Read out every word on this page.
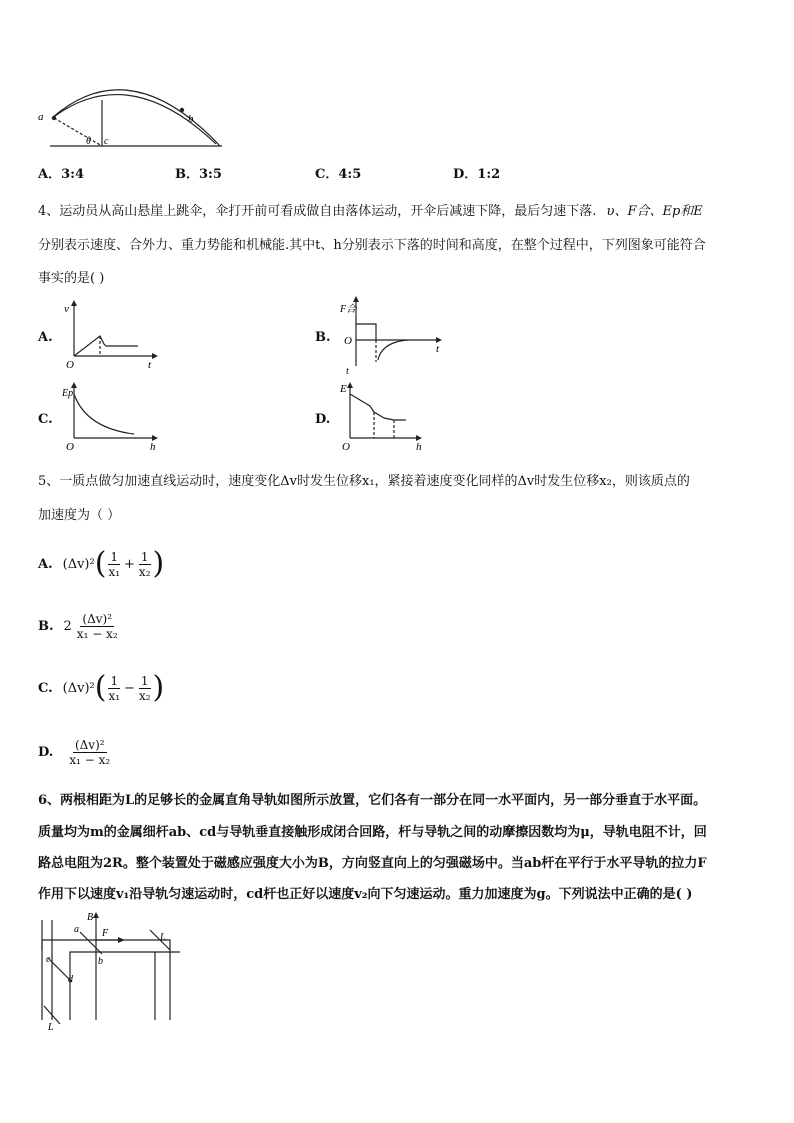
a	b
θ c
A．3:4	B．3:5	C．4:5	D．1:2
4、运动员从高山悬崖上跳伞，伞打开前可看成做自由落体运动，开伞后减速下降，最后匀速下落. υ、F合、Ep和E
分别表示速度、合外力、重力势能和机械能.其中t、h分别表示下落的时间和高度，在整个过程中，下列图象可能符合
事实的是( )
A.
v
t
O
B.
F合
t
O
t
C.
Ep
h
O
D.
E
h
O
5、一质点做匀加速直线运动时，速度变化Δv时发生位移x₁，紧接着速度变化同样的Δv时发生位移x₂，则该质点的
加速度为（ ）
A. (Δv)² ( $\frac{1}{\text{x₁}} + \frac{1}{\text{x₂}}$ )
B. $2 \frac{\text{(Δv)²}}{\text{x₁ − x₂}}$
C. (Δv)² ( $\frac{1}{\text{x₁}} - \frac{1}{\text{x₂}}$ )
D. $\frac{\text{(Δv)²}}{\text{x₁ − x₂}}$
6、两根相距为L的足够长的金属直角导轨如图所示放置，它们各有一部分在同一水平面内，另一部分垂直于水平面。
质量均为m的金属细杆ab、cd与导轨垂直接触形成闭合回路，杆与导轨之间的动摩擦因数均为μ，导轨电阻不计，回
路总电阻为2R。整个装置处于磁感应强度大小为B，方向竖直向上的匀强磁场中。当ab杆在平行于水平导轨的拉力F
作用下以速度v₁沿导轨匀速运动时，cd杆也正好以速度v₂向下匀速运动。重力加速度为g。下列说法中正确的是( )
B
a F
b
c
d
L
L
